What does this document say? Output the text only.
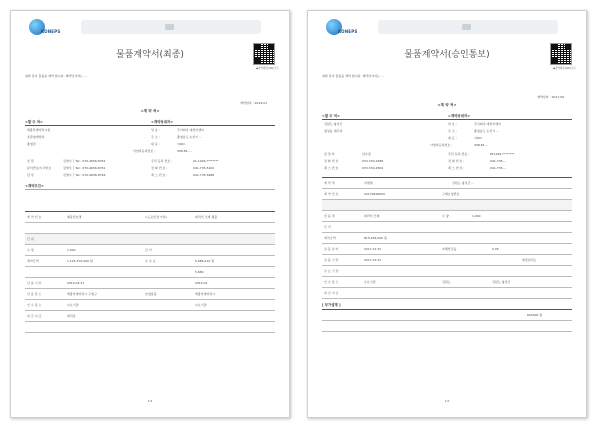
KONEPS
물품계약서(최종)
◆관리확인(QR)코드
위와 같이 물품을 계약 합니다. 계약당사자는 ...
계약일자 : 2019.01
<계 약 처>
<발 주 처>	<계약상대자>
세종특별자치시청	상 호 :	주식회사 대한이앤씨
조달청계약과	주 소 :	충청남도 논산시 ...
충청권	대 표 :	이OO
사업자등록번호 :	308-81-...
조 달	김영수 │ Tel : 070-4656-8761	주민 등록 번호 :	01-1000-********
분석번호/시크번호	김영수 │ Tel : 070-4656-8761	전 화 번 호 :	041-735-5100
담 당	김영수 │ Tel : 070-4656-8764	팩 스 번 호 :	041-735-5988
<계약조건>
계 약 번 호	제품번호명	<도로안전시설>	대리석 모래 샘플
단 위
수 량	1,000	단 가
계약금액	1,125,370,000 원	수 수 료	5,686,210 원
5,680
납 품 기 한	2019.03.31	2019.01
납 품 장 소	세종특별자치시 구청구	본청납품	세종특별자치시
인 수 장 소	수요기관	수요기관
대 금 지 급	대리급
1/4
KONEPS
물품계약서(승인통보)
◆관리확인(QR)코드
위와 같이 물품을 계약 합니다. 계약당사자는 ...
계약일자 : 2017.09
<계 약 처>
<발 주 처>	<계약상대자>
강원도 횡성군	상 호 :	주식회사 대한이앤씨
횡성읍 재무과	주 소 :	충청남도 논산시 ...
대 표 :	이OO
사업자등록번호 :	308-81-...
담 당 자	남수정	주민 등록 번호 :	811029-********
전 화 번 호	033-330-2286	전 화 번 호 :	041-735-...
팩 스 번 호	033-330-2500	팩 스 번 호 :	041-735-...
계 약 명	자재명	강원도 횡성군 ...
계 약 번 호	20170626000	구매요청번호
물 품 명	대리석 모래	수 량	1,000
단 가
계약금액	815,265,000 원
납 품 일 자	2017.12.31	지체상금율	0.05
납 품 기 한	2017.12.31	현장설치도
수 요 기 관
인 수 장 소	수요기관	강원도	강원도 횡성군
대 금 지 급
[ 부가설명 ]
605000 원
1/2
